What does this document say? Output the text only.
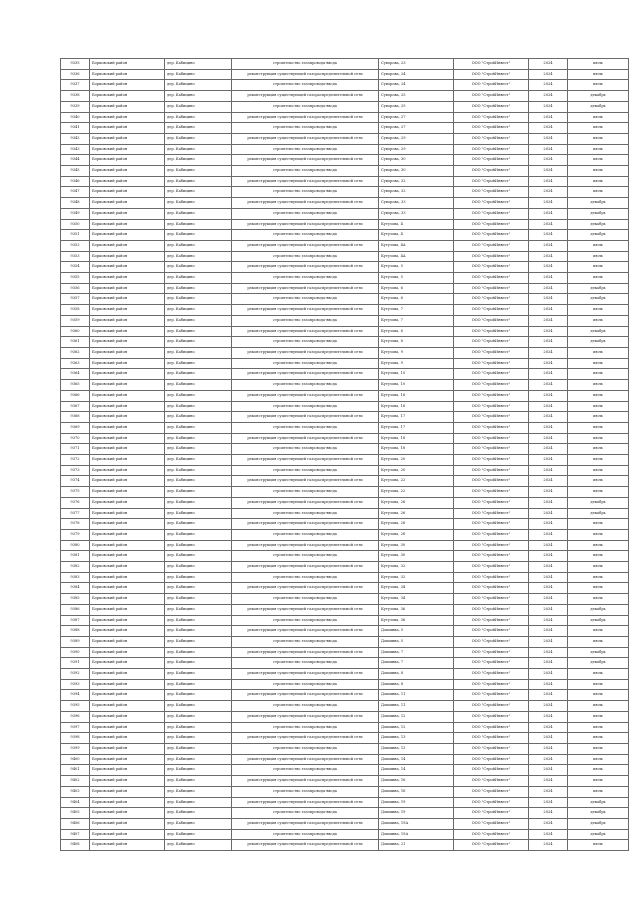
9335	Борковский район	дер. Кабицино	строительство газопровода-ввода	Суворова, 23	ООО "СтройИнвест"	2024	июль
9336	Борковский район	дер. Кабицино	реконструкция существующей газораспределительной сети	Суворова, 24	ООО "СтройИнвест"	2024	июль
9337	Борковский район	дер. Кабицино	строительство газопровода-ввода	Суворова, 24	ООО "СтройИнвест"	2024	июль
9338	Борковский район	дер. Кабицино	реконструкция существующей газораспределительной сети	Суворова, 25	ООО "СтройИнвест"	2024	декабрь
9339	Борковский район	дер. Кабицино	строительство газопровода-ввода	Суворова, 25	ООО "СтройИнвест"	2024	декабрь
9340	Борковский район	дер. Кабицино	реконструкция существующей газораспределительной сети	Суворова, 27	ООО "СтройИнвест"	2024	июль
9341	Борковский район	дер. Кабицино	строительство газопровода-ввода	Суворова, 27	ООО "СтройИнвест"	2024	июль
9342	Борковский район	дер. Кабицино	реконструкция существующей газораспределительной сети	Суворова, 29	ООО "СтройИнвест"	2024	июль
9343	Борковский район	дер. Кабицино	строительство газопровода-ввода	Суворова, 29	ООО "СтройИнвест"	2024	июль
9344	Борковский район	дер. Кабицино	реконструкция существующей газораспределительной сети	Суворова, 30	ООО "СтройИнвест"	2024	июль
9345	Борковский район	дер. Кабицино	строительство газопровода-ввода	Суворова, 30	ООО "СтройИнвест"	2024	июль
9346	Борковский район	дер. Кабицино	реконструкция существующей газораспределительной сети	Суворова, 32	ООО "СтройИнвест"	2024	июль
9347	Борковский район	дер. Кабицино	строительство газопровода-ввода	Суворова, 32	ООО "СтройИнвест"	2024	июль
9348	Борковский район	дер. Кабицино	реконструкция существующей газораспределительной сети	Суворова, 33	ООО "СтройИнвест"	2024	декабрь
9349	Борковский район	дер. Кабицино	строительство газопровода-ввода	Суворова, 33	ООО "СтройИнвест"	2024	декабрь
9350	Борковский район	дер. Кабицино	реконструкция существующей газораспределительной сети	Кутузова, 4	ООО "СтройИнвест"	2024	декабрь
9351	Борковский район	дер. Кабицино	строительство газопровода-ввода	Кутузова, 4	ООО "СтройИнвест"	2024	декабрь
9352	Борковский район	дер. Кабицино	реконструкция существующей газораспределительной сети	Кутузова, 4А	ООО "СтройИнвест"	2024	июль
9353	Борковский район	дер. Кабицино	строительство газопровода-ввода	Кутузова, 4А	ООО "СтройИнвест"	2024	июль
9354	Борковский район	дер. Кабицино	реконструкция существующей газораспределительной сети	Кутузова, 5	ООО "СтройИнвест"	2024	июль
9355	Борковский район	дер. Кабицино	строительство газопровода-ввода	Кутузова, 5	ООО "СтройИнвест"	2024	июль
9356	Борковский район	дер. Кабицино	реконструкция существующей газораспределительной сети	Кутузова, 6	ООО "СтройИнвест"	2024	декабрь
9357	Борковский район	дер. Кабицино	строительство газопровода-ввода	Кутузова, 6	ООО "СтройИнвест"	2024	декабрь
9358	Борковский район	дер. Кабицино	реконструкция существующей газораспределительной сети	Кутузова, 7	ООО "СтройИнвест"	2024	июль
9359	Борковский район	дер. Кабицино	строительство газопровода-ввода	Кутузова, 7	ООО "СтройИнвест"	2024	июль
9360	Борковский район	дер. Кабицино	реконструкция существующей газораспределительной сети	Кутузова, 8	ООО "СтройИнвест"	2024	декабрь
9361	Борковский район	дер. Кабицино	строительство газопровода-ввода	Кутузова, 8	ООО "СтройИнвест"	2024	декабрь
9362	Борковский район	дер. Кабицино	реконструкция существующей газораспределительной сети	Кутузова, 9	ООО "СтройИнвест"	2024	июль
9363	Борковский район	дер. Кабицино	строительство газопровода-ввода	Кутузова, 9	ООО "СтройИнвест"	2024	июль
9364	Борковский район	дер. Кабицино	реконструкция существующей газораспределительной сети	Кутузова, 10	ООО "СтройИнвест"	2024	июль
9365	Борковский район	дер. Кабицино	строительство газопровода-ввода	Кутузова, 10	ООО "СтройИнвест"	2024	июль
9366	Борковский район	дер. Кабицино	реконструкция существующей газораспределительной сети	Кутузова, 16	ООО "СтройИнвест"	2024	июль
9367	Борковский район	дер. Кабицино	строительство газопровода-ввода	Кутузова, 16	ООО "СтройИнвест"	2024	июль
9368	Борковский район	дер. Кабицино	реконструкция существующей газораспределительной сети	Кутузова, 17	ООО "СтройИнвест"	2024	июль
9369	Борковский район	дер. Кабицино	строительство газопровода-ввода	Кутузова, 17	ООО "СтройИнвест"	2024	июль
9370	Борковский район	дер. Кабицино	реконструкция существующей газораспределительной сети	Кутузова, 18	ООО "СтройИнвест"	2024	июль
9371	Борковский район	дер. Кабицино	строительство газопровода-ввода	Кутузова, 18	ООО "СтройИнвест"	2024	июль
9372	Борковский район	дер. Кабицино	реконструкция существующей газораспределительной сети	Кутузова, 20	ООО "СтройИнвест"	2024	июль
9373	Борковский район	дер. Кабицино	строительство газопровода-ввода	Кутузова, 20	ООО "СтройИнвест"	2024	июль
9374	Борковский район	дер. Кабицино	реконструкция существующей газораспределительной сети	Кутузова, 22	ООО "СтройИнвест"	2024	июль
9375	Борковский район	дер. Кабицино	строительство газопровода-ввода	Кутузова, 22	ООО "СтройИнвест"	2024	июль
9376	Борковский район	дер. Кабицино	реконструкция существующей газораспределительной сети	Кутузова, 26	ООО "СтройИнвест"	2024	декабрь
9377	Борковский район	дер. Кабицино	строительство газопровода-ввода	Кутузова, 26	ООО "СтройИнвест"	2024	декабрь
9378	Борковский район	дер. Кабицино	реконструкция существующей газораспределительной сети	Кутузова, 28	ООО "СтройИнвест"	2024	июль
9379	Борковский район	дер. Кабицино	строительство газопровода-ввода	Кутузова, 28	ООО "СтройИнвест"	2024	июль
9380	Борковский район	дер. Кабицино	реконструкция существующей газораспределительной сети	Кутузова, 30	ООО "СтройИнвест"	2024	июль
9381	Борковский район	дер. Кабицино	строительство газопровода-ввода	Кутузова, 30	ООО "СтройИнвест"	2024	июль
9382	Борковский район	дер. Кабицино	реконструкция существующей газораспределительной сети	Кутузова, 32	ООО "СтройИнвест"	2024	июль
9383	Борковский район	дер. Кабицино	строительство газопровода-ввода	Кутузова, 32	ООО "СтройИнвест"	2024	июль
9384	Борковский район	дер. Кабицино	реконструкция существующей газораспределительной сети	Кутузова, 34	ООО "СтройИнвест"	2024	июль
9385	Борковский район	дер. Кабицино	строительство газопровода-ввода	Кутузова, 34	ООО "СтройИнвест"	2024	июль
9386	Борковский район	дер. Кабицино	реконструкция существующей газораспределительной сети	Кутузова, 36	ООО "СтройИнвест"	2024	декабрь
9387	Борковский район	дер. Кабицино	строительство газопровода-ввода	Кутузова, 36	ООО "СтройИнвест"	2024	декабрь
9388	Борковский район	дер. Кабицино	реконструкция существующей газораспределительной сети	Докшина, 5	ООО "СтройИнвест"	2024	июль
9389	Борковский район	дер. Кабицино	строительство газопровода-ввода	Докшина, 5	ООО "СтройИнвест"	2024	июль
9390	Борковский район	дер. Кабицино	реконструкция существующей газораспределительной сети	Докшина, 7	ООО "СтройИнвест"	2024	декабрь
9391	Борковский район	дер. Кабицино	строительство газопровода-ввода	Докшина, 7	ООО "СтройИнвест"	2024	декабрь
9392	Борковский район	дер. Кабицино	реконструкция существующей газораспределительной сети	Докшина, 8	ООО "СтройИнвест"	2024	июль
9393	Борковский район	дер. Кабицино	строительство газопровода-ввода	Докшина, 8	ООО "СтройИнвест"	2024	июль
9394	Борковский район	дер. Кабицино	реконструкция существующей газораспределительной сети	Докшина, 11	ООО "СтройИнвест"	2024	июль
9395	Борковский район	дер. Кабицино	строительство газопровода-ввода	Докшина, 11	ООО "СтройИнвест"	2024	июль
9396	Борковский район	дер. Кабицино	реконструкция существующей газораспределительной сети	Докшина, 12	ООО "СтройИнвест"	2024	июль
9397	Борковский район	дер. Кабицино	строительство газопровода-ввода	Докшина, 12	ООО "СтройИнвест"	2024	июль
9398	Борковский район	дер. Кабицино	реконструкция существующей газораспределительной сети	Докшина, 13	ООО "СтройИнвест"	2024	июль
9399	Борковский район	дер. Кабицино	строительство газопровода-ввода	Докшина, 13	ООО "СтройИнвест"	2024	июль
9400	Борковский район	дер. Кабицино	реконструкция существующей газораспределительной сети	Докшина, 14	ООО "СтройИнвест"	2024	июль
9401	Борковский район	дер. Кабицино	строительство газопровода-ввода	Докшина, 14	ООО "СтройИнвест"	2024	июль
9402	Борковский район	дер. Кабицино	реконструкция существующей газораспределительной сети	Докшина, 16	ООО "СтройИнвест"	2024	июль
9403	Борковский район	дер. Кабицино	строительство газопровода-ввода	Докшина, 16	ООО "СтройИнвест"	2024	июль
9404	Борковский район	дер. Кабицино	реконструкция существующей газораспределительной сети	Докшина, 19	ООО "СтройИнвест"	2024	декабрь
9405	Борковский район	дер. Кабицино	строительство газопровода-ввода	Докшина, 19	ООО "СтройИнвест"	2024	декабрь
9406	Борковский район	дер. Кабицино	реконструкция существующей газораспределительной сети	Докшина, 19А	ООО "СтройИнвест"	2024	декабрь
9407	Борковский район	дер. Кабицино	строительство газопровода-ввода	Докшина, 19А	ООО "СтройИнвест"	2024	декабрь
9408	Борковский район	дер. Кабицино	реконструкция существующей газораспределительной сети	Докшина, 21	ООО "СтройИнвест"	2024	июль
